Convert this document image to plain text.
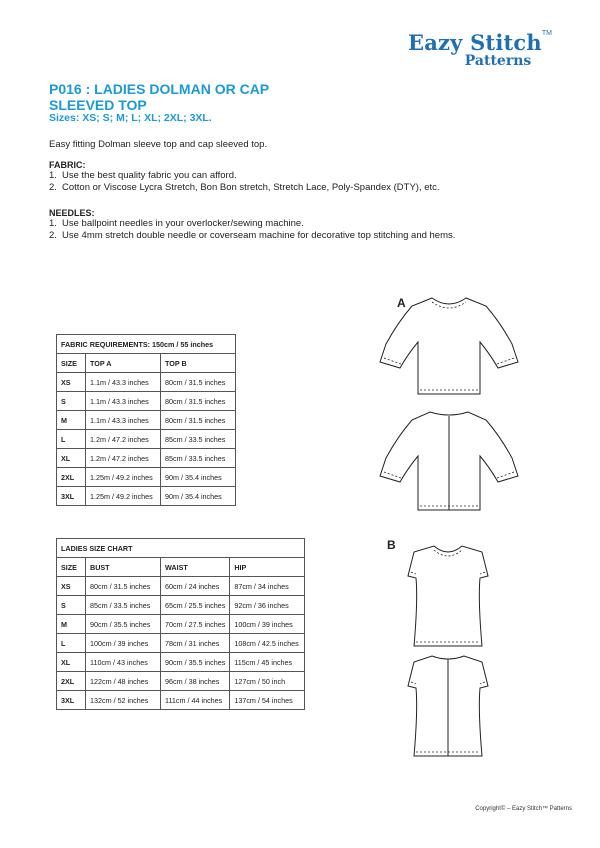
Eazy Stitch™
Patterns
P016 : LADIES DOLMAN OR CAP
SLEEVED TOP
Sizes: XS; S; M; L; XL; 2XL; 3XL.
Easy fitting Dolman sleeve top and cap sleeved top.
FABRIC:
1. Use the best quality fabric you can afford.
2. Cotton or Viscose Lycra Stretch, Bon Bon stretch, Stretch Lace, Poly-Spandex (DTY), etc.
NEEDLES:
1. Use ballpoint needles in your overlocker/sewing machine.
2. Use 4mm stretch double needle or coverseam machine for decorative top stitching and hems.
FABRIC REQUIREMENTS: 150cm / 55 inches		
SIZE	TOP A	TOP B
XS	1.1m / 43.3 inches	80cm / 31.5 inches
S	1.1m / 43.3 inches	80cm / 31.5 inches
M	1.1m / 43.3 inches	80cm / 31.5 inches
L	1.2m / 47.2 inches	85cm / 33.5 inches
XL	1.2m / 47.2 inches	85cm / 33.5 inches
2XL	1.25m / 49.2 inches	90m / 35.4 inches
3XL	1.25m / 49.2 inches	90m / 35.4 inches
LADIES SIZE CHART			
SIZE	BUST	WAIST	HIP
XS	80cm / 31.5 inches	60cm / 24 inches	87cm / 34 inches
S	85cm / 33.5 inches	65cm / 25.5 inches	92cm / 36 inches
M	90cm / 35.5 inches	70cm / 27.5 inches	100cm / 39 inches
L	100cm / 39 inches	78cm / 31 inches	108cm / 42.5 inches
XL	110cm / 43 inches	90cm / 35.5 inches	115cm / 45 inches
2XL	122cm / 48 inches	96cm / 38 inches	127cm / 50 inch
3XL	132cm / 52 inches	111cm / 44 inches	137cm / 54 inches
A
B
Copyright© – Eazy Stitch™ Patterns
